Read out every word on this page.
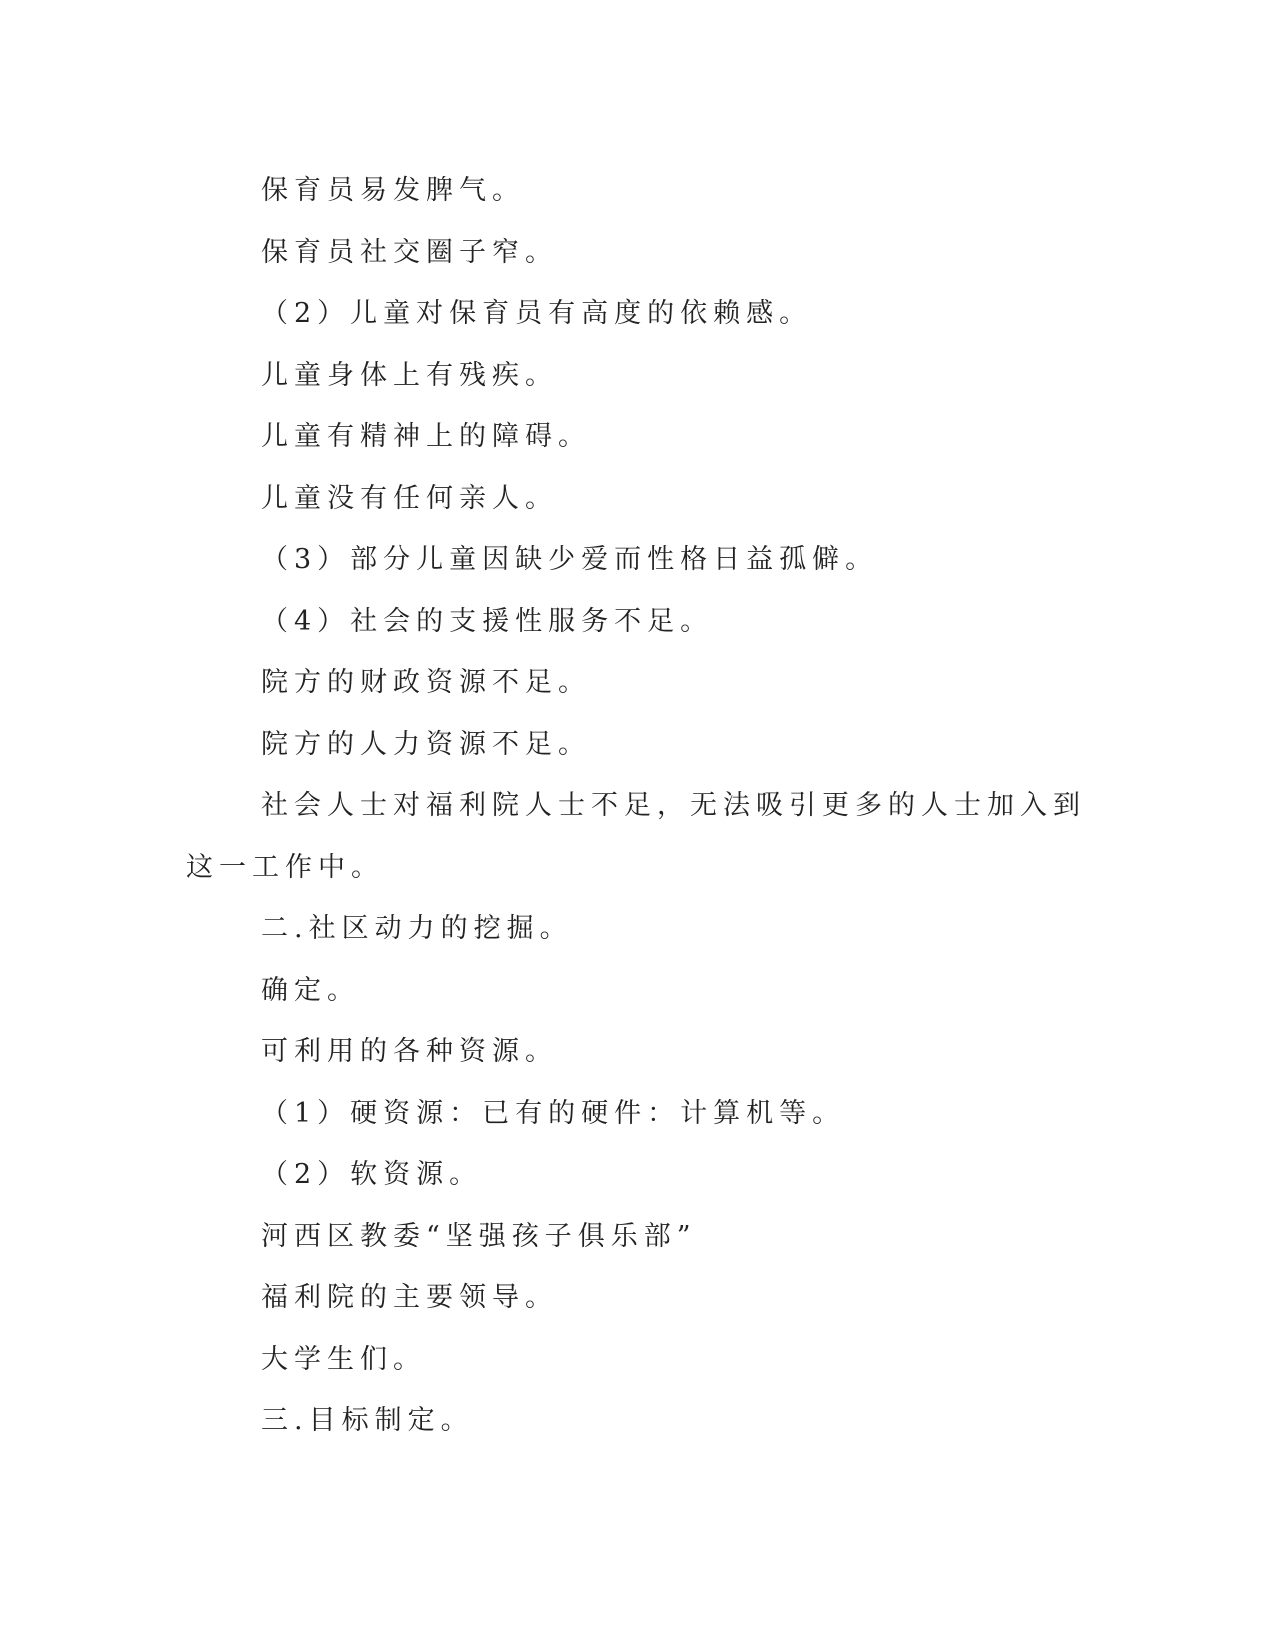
保育员易发脾气。

保育员社交圈子窄。

（2）儿童对保育员有高度的依赖感。

儿童身体上有残疾。

儿童有精神上的障碍。

儿童没有任何亲人。

（3）部分儿童因缺少爱而性格日益孤僻。

（4）社会的支援性服务不足。

院方的财政资源不足。

院方的人力资源不足。

社会人士对福利院人士不足，无法吸引更多的人士加入到这一工作中。

二.社区动力的挖掘。

确定。

可利用的各种资源。

（1）硬资源：已有的硬件：计算机等。

（2）软资源。

河西区教委“坚强孩子俱乐部”

福利院的主要领导。

大学生们。

三.目标制定。
